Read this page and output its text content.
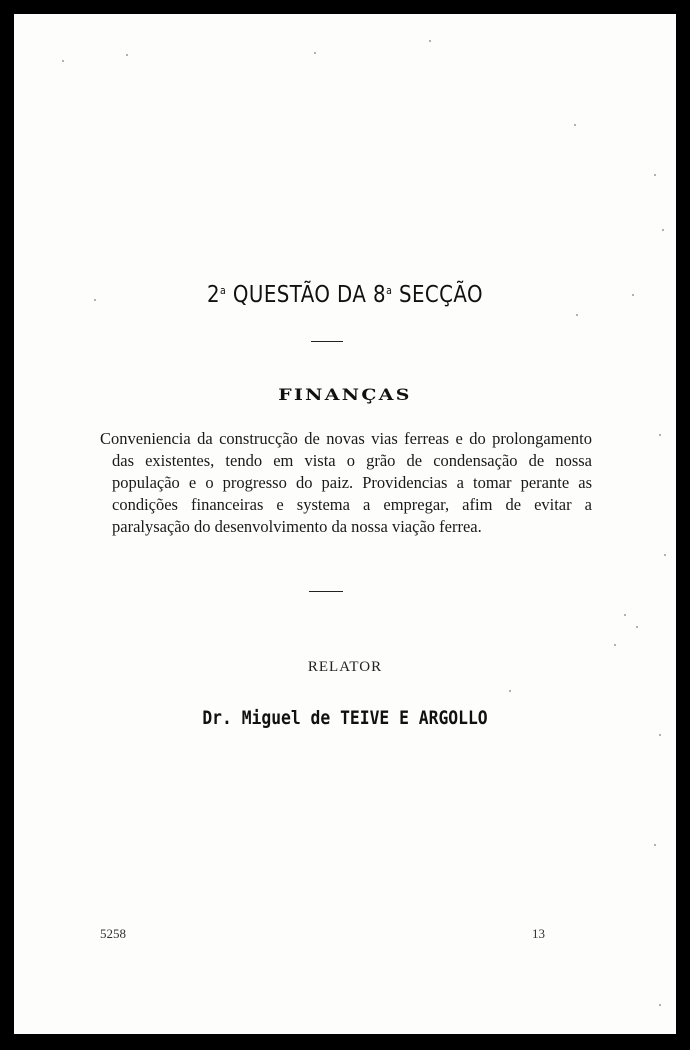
2$^a$ QUESTÃO DA 8$^a$ SECÇÃO
FINANÇAS
Conveniencia da construcção de novas vias ferreas e do prolongamento das existentes, tendo em vista o grão de condensação de nossa população e o progresso do paiz. Providencias a tomar perante as condições financeiras e systema a empregar, afim de evitar a paralysação do desenvolvimento da nossa viação ferrea.
RELATOR
Dr. Miguel de TEIVE E ARGOLLO
5258	13
